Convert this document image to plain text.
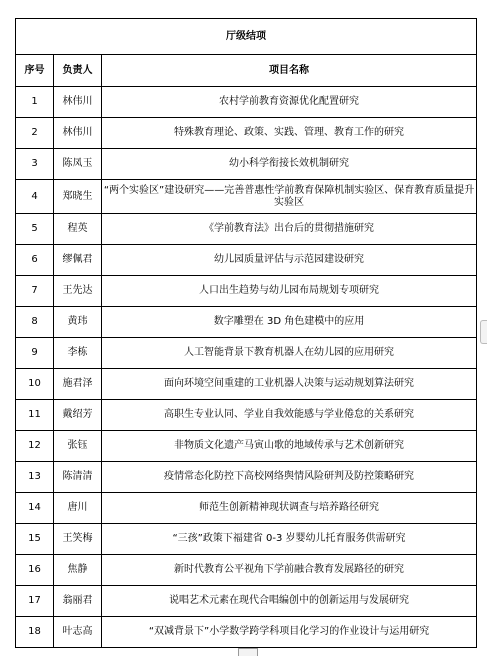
厅级结项		
序号	负责人	项目名称
1	林伟川	农村学前教育资源优化配置研究
2	林伟川	特殊教育理论、政策、实践、管理、教育工作的研究
3	陈凤玉	幼小科学衔接长效机制研究
4	郑晓生	“两个实验区”建设研究——完善普惠性学前教育保障机制实验区、保育教育质量提升实验区
5	程英	《学前教育法》出台后的贯彻措施研究
6	缪佩君	幼儿园质量评估与示范园建设研究
7	王先达	人口出生趋势与幼儿园布局规划专项研究
8	黄玮	数字雕塑在 3D 角色建模中的应用
9	李栋	人工智能背景下教育机器人在幼儿园的应用研究
10	施君泽	面向环境空间重建的工业机器人决策与运动规划算法研究
11	戴绍芳	高职生专业认同、学业自我效能感与学业倦怠的关系研究
12	张钰	非物质文化遗产马寅山歌的地域传承与艺术创新研究
13	陈清清	疫情常态化防控下高校网络舆情风险研判及防控策略研究
14	唐川	师范生创新精神现状调查与培养路径研究
15	王笑梅	“三孩”政策下福建省 0-3 岁婴幼儿托育服务供需研究
16	焦静	新时代教育公平视角下学前融合教育发展路径的研究
17	翁丽君	说唱艺术元素在现代合唱编创中的创新运用与发展研究
18	叶志高	“双减背景下”小学数学跨学科项目化学习的作业设计与运用研究
